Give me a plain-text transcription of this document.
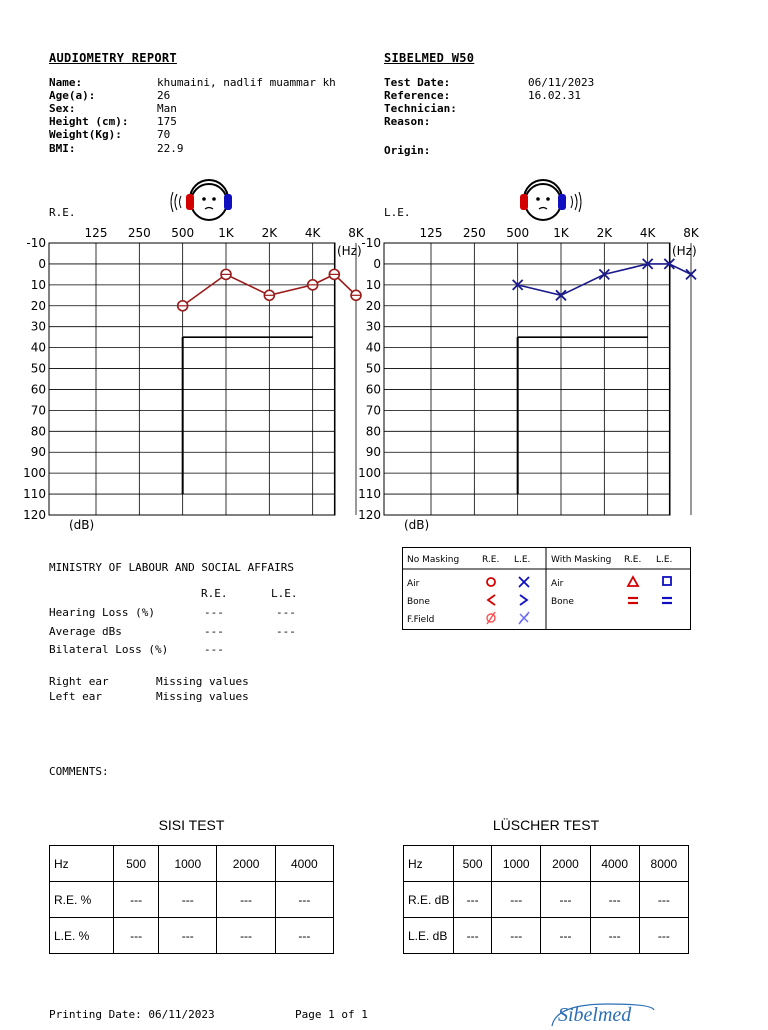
AUDIOMETRY REPORT	SIBELMED W50
Name:	khumaini, nadlif muammar kh
Age(a):	26
Sex:	Man
Height (cm):	175
Weight(Kg):	70
BMI:	22.9
Test Date:	06/11/2023
Reference:	16.02.31
Technician:
Reason:
Origin:
R.E.	L.E.
-10
0
10
20
30
40
50
60
70
80
90
100
110
120
125 250 500 1K 2K 4K 8K
(Hz)
(dB)
-10
0
10
20
30
40
50
60
70
80
90
100
110
120
125 250 500 1K 2K 4K 8K
(Hz)
(dB)
No Masking	R.E. L.E. With Masking R.E. L.E.
Air
Bone
F.Field
Air
Bone
MINISTRY OF LABOUR AND SOCIAL AFFAIRS
R.E.	L.E.
Hearing Loss (%)	---	---
Average dBs	---	---
Bilateral Loss (%)	---
Right ear	Missing values
Left ear	Missing values
COMMENTS:
SISI TEST
Hz	500	1000	2000	4000
R.E. %	---	---	---	---
L.E. %	---	---	---	---
LÜSCHER TEST
Hz	500	1000	2000	4000	8000
R.E. dB	---	---	---	---	---
L.E. dB	---	---	---	---	---
Printing Date: 06/11/2023	Page 1 of 1	Sibelmed
